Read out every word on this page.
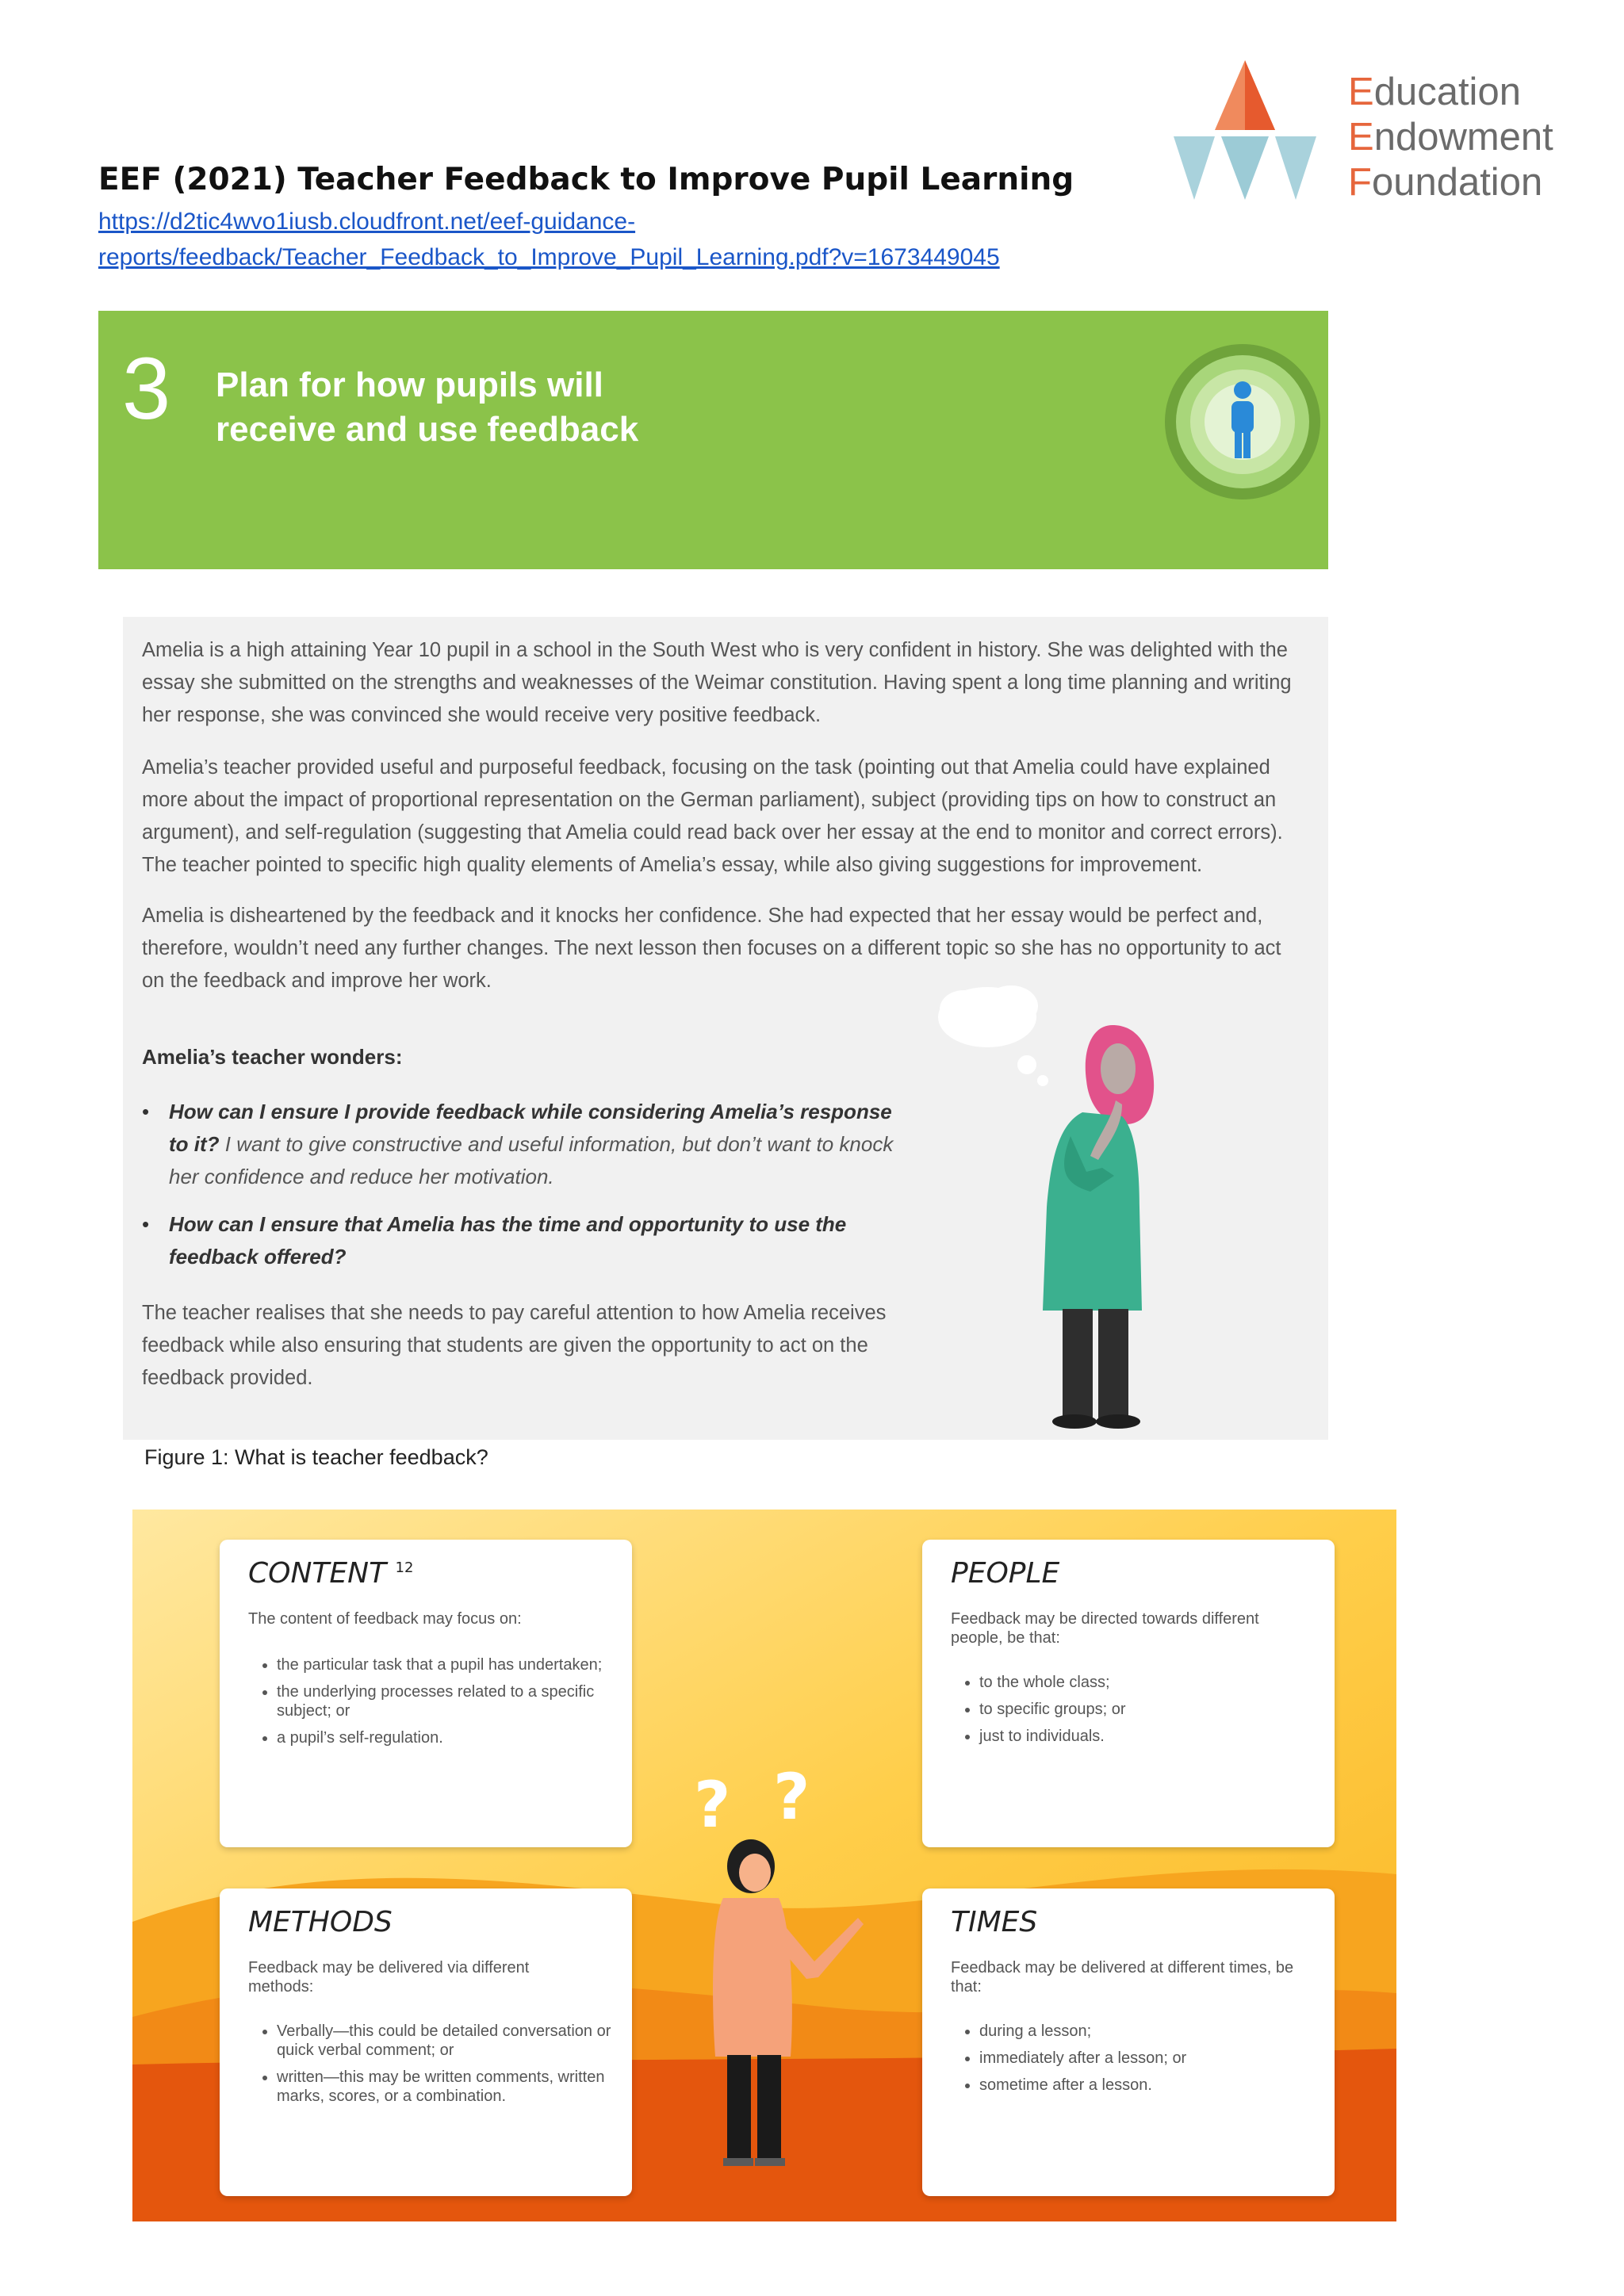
EEF (2021) Teacher Feedback to Improve Pupil Learning
https://d2tic4wvo1iusb.cloudfront.net/eef-guidance-
reports/feedback/Teacher_Feedback_to_Improve_Pupil_Learning.pdf?v=1673449045
Education
Endowment
Foundation
3 Plan for how pupils will receive and use feedback

Amelia is a high attaining Year 10 pupil in a school in the South West who is very confident in history. She was delighted with the essay she submitted on the strengths and weaknesses of the Weimar constitution. Having spent a long time planning and writing her response, she was convinced she would receive very positive feedback.

Amelia’s teacher provided useful and purposeful feedback, focusing on the task (pointing out that Amelia could have explained more about the impact of proportional representation on the German parliament), subject (providing tips on how to construct an argument), and self-regulation (suggesting that Amelia could read back over her essay at the end to monitor and correct errors). The teacher pointed to specific high quality elements of Amelia’s essay, while also giving suggestions for improvement.

Amelia is disheartened by the feedback and it knocks her confidence. She had expected that her essay would be perfect and, therefore, wouldn’t need any further changes. The next lesson then focuses on a different topic so she has no opportunity to act on the feedback and improve her work.

Amelia’s teacher wonders:
• How can I ensure I provide feedback while considering Amelia’s response to it? I want to give constructive and useful information, but don’t want to knock her confidence and reduce her motivation.
• How can I ensure that Amelia has the time and opportunity to use the feedback offered?

The teacher realises that she needs to pay careful attention to how Amelia receives feedback while also ensuring that students are given the opportunity to act on the feedback provided.

Figure 1: What is teacher feedback?
CONTENT $^{12}$

The content of feedback may focus on:

• the particular task that a pupil has undertaken;
• the underlying processes related to a specific subject; or
• a pupil’s self-regulation.
PEOPLE

Feedback may be directed towards different people, be that:

• to the whole class;
• to specific groups; or
• just to individuals.
METHODS

Feedback may be delivered via different methods:

• Verbally—this could be detailed conversation or quick verbal comment; or
• written—this may be written comments, written marks, scores, or a combination.
TIMES

Feedback may be delivered at different times, be that:

• during a lesson;
• immediately after a lesson; or
• sometime after a lesson.
? ?
